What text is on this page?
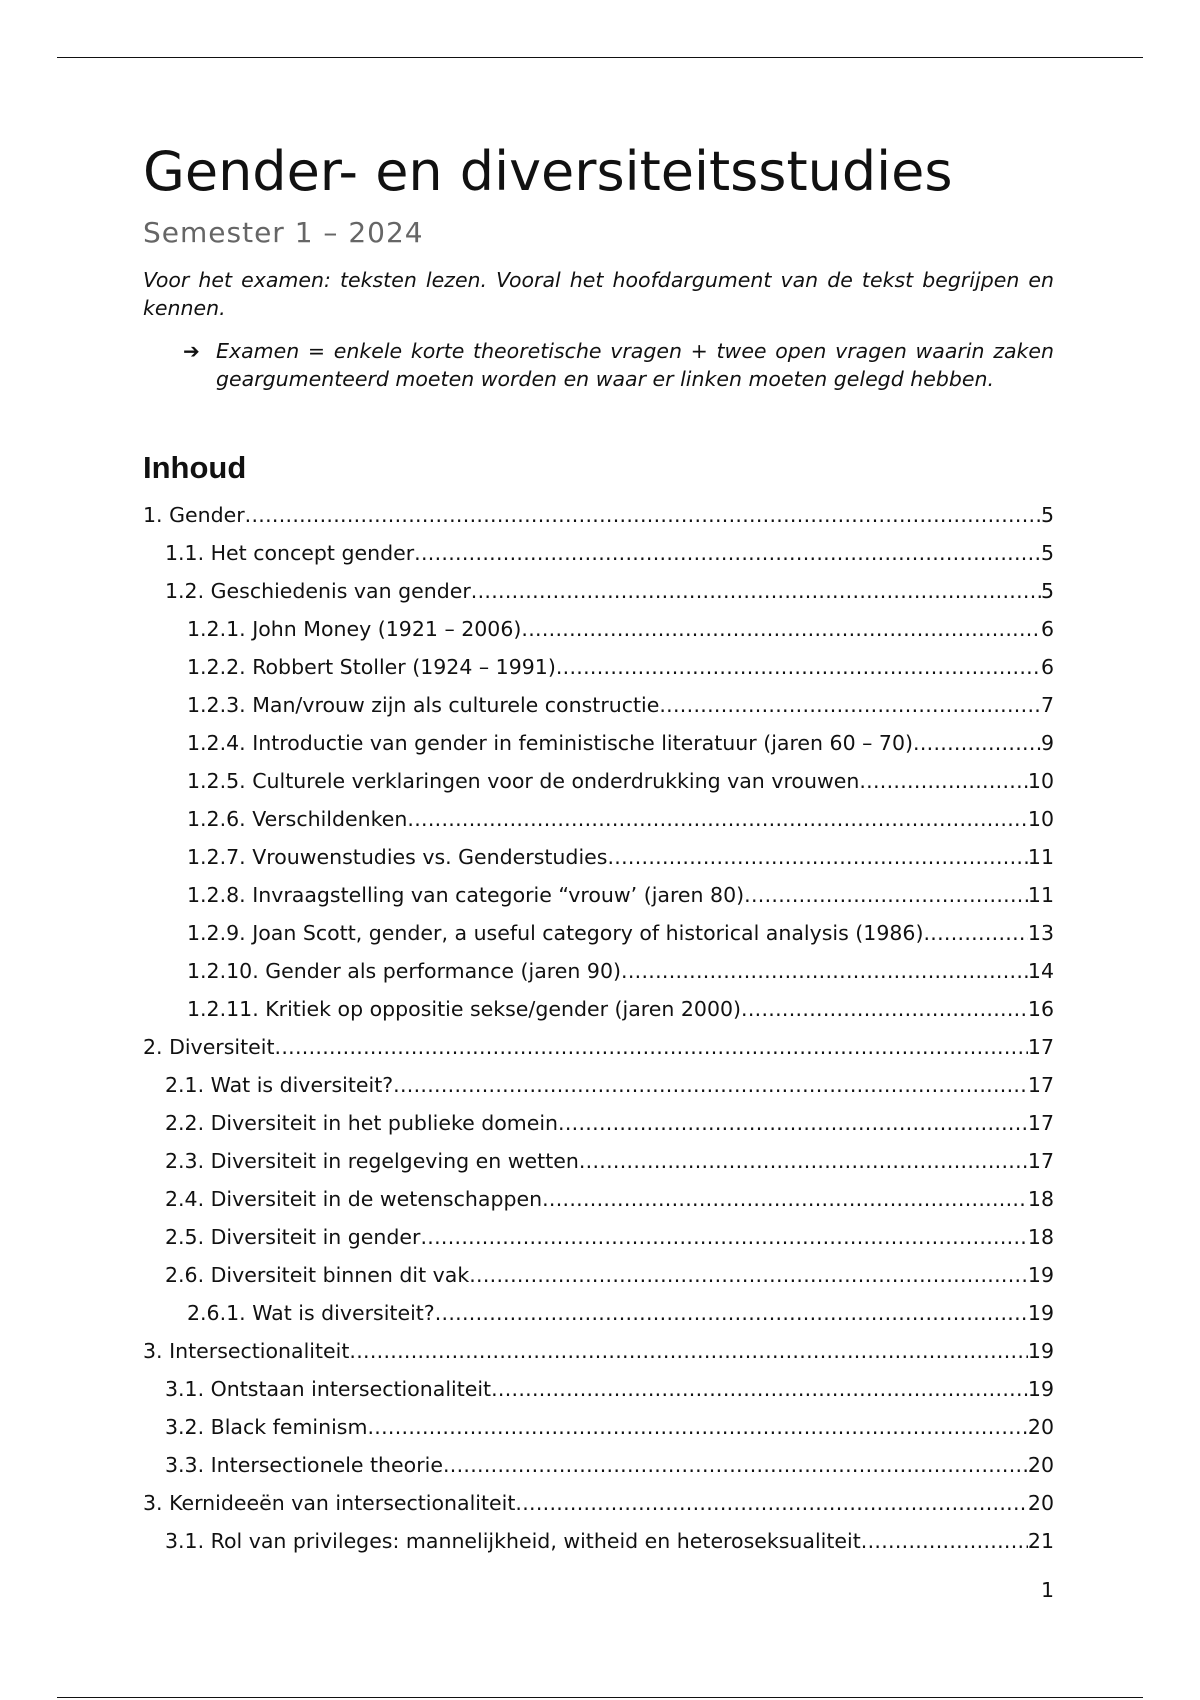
Gender- en diversiteitsstudies
Semester 1 – 2024

Voor het examen: teksten lezen. Vooral het hoofdargument van de tekst begrijpen en kennen.

➔ Examen = enkele korte theoretische vragen + twee open vragen waarin zaken geargumenteerd moeten worden en waar er linken moeten gelegd hebben.

Inhoud
1. Gender .....	5
1.1. Het concept gender .....	5
1.2. Geschiedenis van gender .....	5
1.2.1. John Money (1921 – 2006) .....	6
1.2.2. Robbert Stoller (1924 – 1991) .....	6
1.2.3. Man/vrouw zijn als culturele constructie .....	7
1.2.4. Introductie van gender in feministische literatuur (jaren 60 – 70) .....	9
1.2.5. Culturele verklaringen voor de onderdrukking van vrouwen .....	10
1.2.6. Verschildenken .....	10
1.2.7. Vrouwenstudies vs. Genderstudies .....	11
1.2.8. Invraagstelling van categorie “vrouw’ (jaren 80) .....	11
1.2.9. Joan Scott, gender, a useful category of historical analysis (1986) .....	13
1.2.10. Gender als performance (jaren 90) .....	14
1.2.11. Kritiek op oppositie sekse/gender (jaren 2000) .....	16
2. Diversiteit .....	17
2.1. Wat is diversiteit? .....	17
2.2. Diversiteit in het publieke domein .....	17
2.3. Diversiteit in regelgeving en wetten .....	17
2.4. Diversiteit in de wetenschappen .....	18
2.5. Diversiteit in gender .....	18
2.6. Diversiteit binnen dit vak .....	19
2.6.1. Wat is diversiteit? .....	19
3. Intersectionaliteit .....	19
3.1. Ontstaan intersectionaliteit .....	19
3.2. Black feminism .....	20
3.3. Intersectionele theorie .....	20
3. Kernideeën van intersectionaliteit .....	20
3.1. Rol van privileges: mannelijkheid, witheid en heteroseksualiteit .....	21
1
